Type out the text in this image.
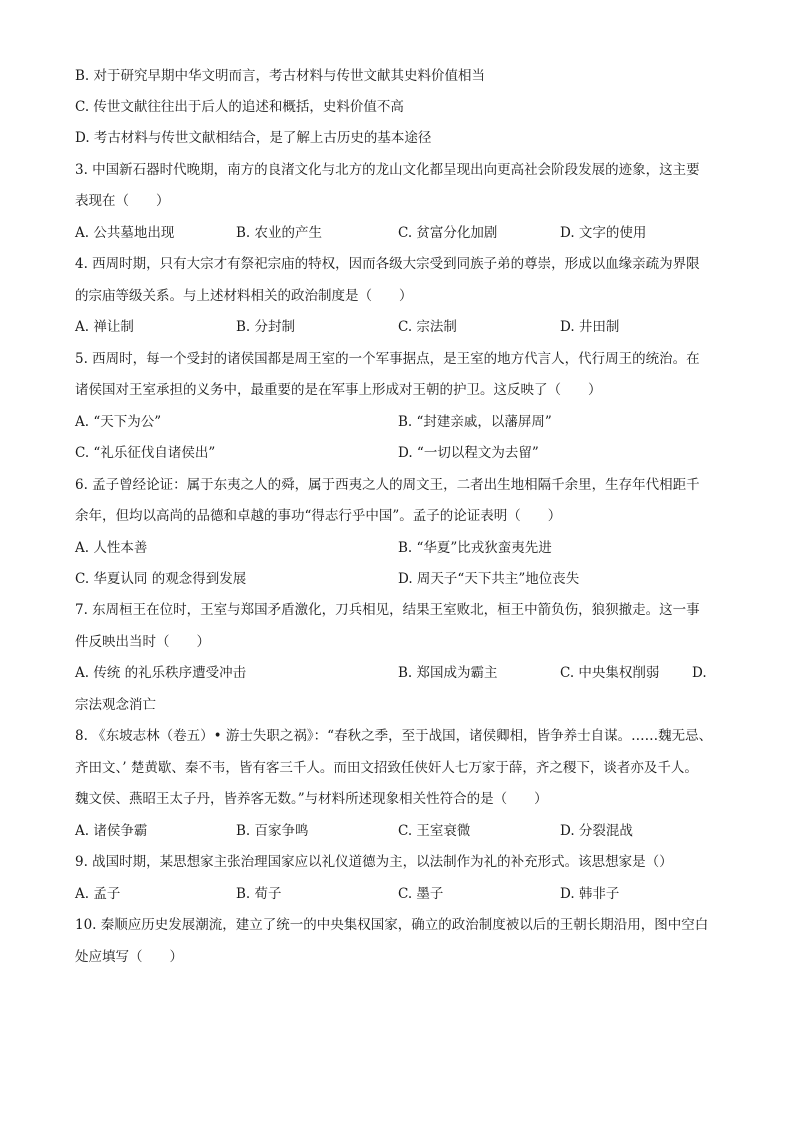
B. 对于研究早期中华文明而言，考古材料与传世文献其史料价值相当
C. 传世文献往往出于后人的追述和概括，史料价值不高
D. 考古材料与传世文献相结合，是了解上古历史的基本途径
3. 中国新石器时代晚期，南方的良渚文化与北方的龙山文化都呈现出向更高社会阶段发展的迹象，这主要
表现在（　　）
A. 公共墓地出现	B. 农业的产生	C. 贫富分化加剧	D. 文字的使用
4. 西周时期，只有大宗才有祭祀宗庙的特权，因而各级大宗受到同族子弟的尊崇，形成以血缘亲疏为界限
的宗庙等级关系。与上述材料相关的政治制度是（　　）
A. 禅让制	B. 分封制	C. 宗法制	D. 井田制
5. 西周时，每一个受封的诸侯国都是周王室的一个军事据点，是王室的地方代言人，代行周王的统治。在
诸侯国对王室承担的义务中，最重要的是在军事上形成对王朝的护卫。这反映了（　　）
A. “天下为公”	B. “封建亲戚，以藩屏周”
C. “礼乐征伐自诸侯出”	D. “一切以程文为去留”
6. 孟子曾经论证：属于东夷之人的舜，属于西夷之人的周文王，二者出生地相隔千余里，生存年代相距千
余年，但均以高尚的品德和卓越的事功“得志行乎中国”。孟子的论证表明（　　）
A. 人性本善	B. “华夏”比戎狄蛮夷先进
C. 华夏认同 的观念得到发展	D. 周天子“天下共主”地位丧失
7. 东周桓王在位时，王室与郑国矛盾激化，刀兵相见，结果王室败北，桓王中箭负伤，狼狈撤走。这一事
件反映出当时（　　）
A. 传统 的礼乐秩序遭受冲击	B. 郑国成为霸主	C. 中央集权削弱 D.
宗法观念消亡
8. 《东坡志林（卷五）• 游士失职之祸》：“春秋之季，至于战国，诸侯卿相，皆争养士自谋。……魏无忌、
齐田文、’ 楚黄歇、秦不韦，皆有客三千人。而田文招致任侠奸人七万家于薛，齐之稷下，谈者亦及千人。
魏文侯、燕昭王太子丹，皆养客无数。”与材料所述现象相关性符合的是（　　）
A. 诸侯争霸	B. 百家争鸣	C. 王室衰微	D. 分裂混战
9. 战国时期，某思想家主张治理国家应以礼仪道德为主，以法制作为礼的补充形式。该思想家是（）
A. 孟子	B. 荀子	C. 墨子	D. 韩非子
10. 秦顺应历史发展潮流，建立了统一的中央集权国家，确立的政治制度被以后的王朝长期沿用，图中空白
处应填写（　　）
